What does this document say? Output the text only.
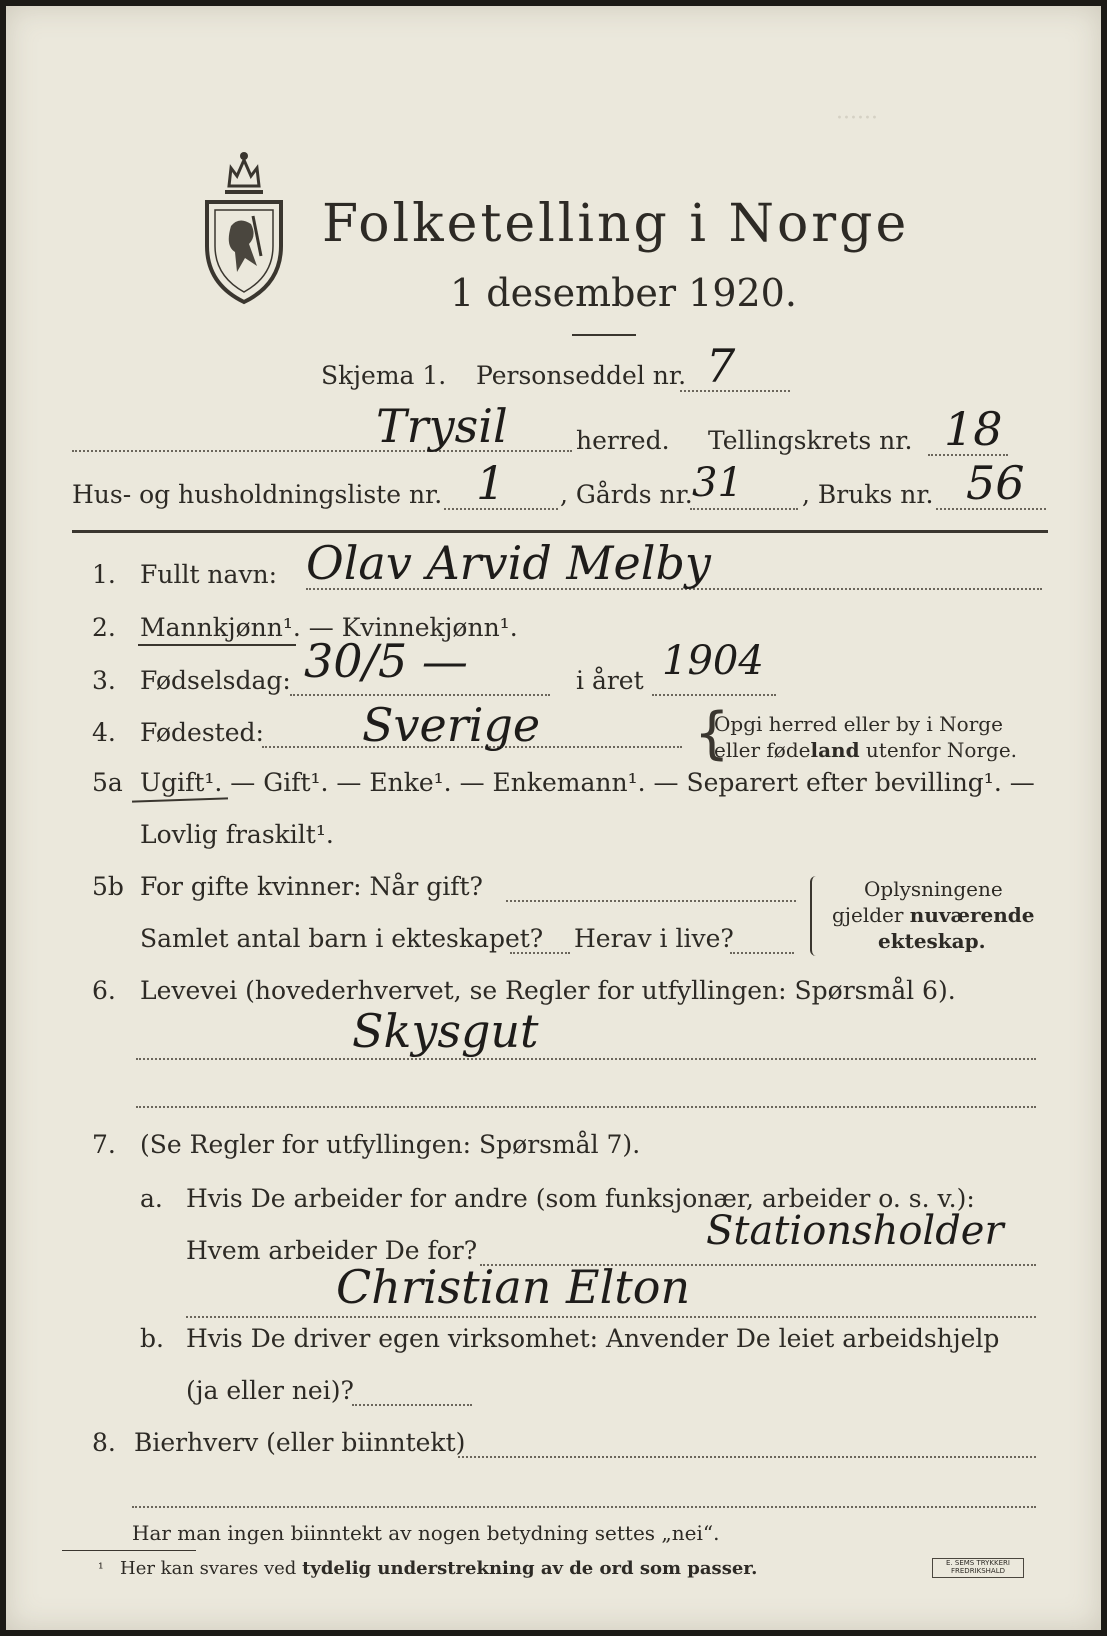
······
Folketelling i Norge
1 desember 1920.
Skjema 1. Personseddel nr. 7
Trysil	herred. Tellingskrets nr. 18
Hus- og husholdningsliste nr. 1 , Gårds nr. 31 , Bruks nr. 56
1. Fullt navn: Olav Arvid Melby
2. Mannkjønn¹. — Kvinnekjønn¹.
3. Fødselsdag: 30/5 —	i året 1904
4. Fødested: Sverige	{
Opgi herred eller by i Norge
eller fødeland utenfor Norge.
5a Ugift¹. — Gift¹. — Enke¹. — Enkemann¹. — Separert efter bevilling¹. —
Lovlig fraskilt¹.
5b For gifte kvinner: Når gift?
Samlet antal barn i ekteskapet? Herav i live?
Oplysningene
gjelder nuværende
ekteskap.
6. Levevei (hovederhvervet, se Regler for utfyllingen: Spørsmål 6).
Skysgut
7. (Se Regler for utfyllingen: Spørsmål 7).
a. Hvis De arbeider for andre (som funksjonær, arbeider o. s. v.):
Hvem arbeider De for?	Stationsholder
Christian Elton
b. Hvis De driver egen virksomhet: Anvender De leiet arbeidshjelp
(ja eller nei)?
8. Bierhverv (eller biinntekt)
Har man ingen biinntekt av nogen betydning settes „nei“.
¹ Her kan svares ved tydelig understrekning av de ord som passer.	E. SEMS TRYKKERI
FREDRIKSHALD
